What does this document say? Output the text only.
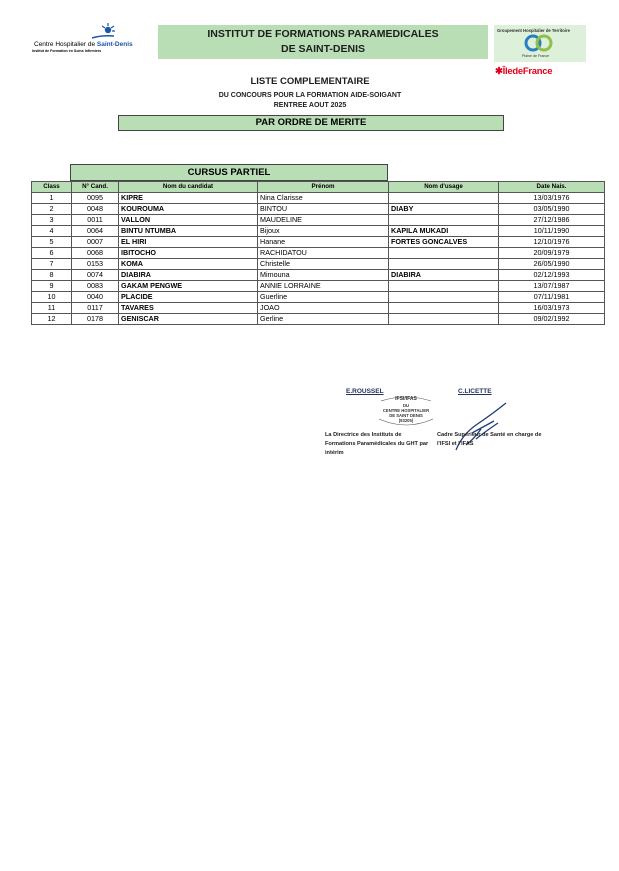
Centre Hospitalier de Saint-Denis
Institut de Formation en Soins Infirmiers
INSTITUT DE FORMATIONS PARAMEDICALES
DE SAINT-DENIS
Groupement Hospitalier de Territoire
Plaine de France
✱ÎledeFrance
LISTE COMPLEMENTAIRE
DU CONCOURS POUR LA FORMATION AIDE-SOIGANT
RENTREE AOUT 2025
PAR ORDRE DE MERITE
CURSUS PARTIEL
Class	N° Cand.	Nom du candidat	Prénom	Nom d'usage	Date Nais.
1	0095	KIPRE	Nina Clarisse		13/03/1976
2	0048	KOUROUMA	BINTOU	DIABY	03/05/1990
3	0011	VALLON	MAUDELINE		27/12/1986
4	0064	BINTU NTUMBA	Bijoux	KAPILA MUKADI	10/11/1990
5	0007	EL HIRI	Hanane	FORTES GONCALVES	12/10/1976
6	0068	IBITOCHO	RACHIDATOU		20/09/1979
7	0153	KOMA	Christelle		26/05/1990
8	0074	DIABIRA	Mimouna	DIABIRA	02/12/1993
9	0083	GAKAM PENGWE	ANNIE LORRAINE		13/07/1987
10	0040	PLACIDE	Guerline		07/11/1981
11	0117	TAVARES	JOAO		16/03/1973
12	0178	GENISCAR	Gerline		09/02/1992
E.ROUSSEL	C.LICETTE
IFSI/IFAS
DU
CENTRE HOSPITALIER
DE SAINT DENIS
(93205)
La Directrice des Instituts de Formations Paramédicales du GHT par intérim
Cadre Supérieur de Santé en charge de l'IFSI et l'IFAS
